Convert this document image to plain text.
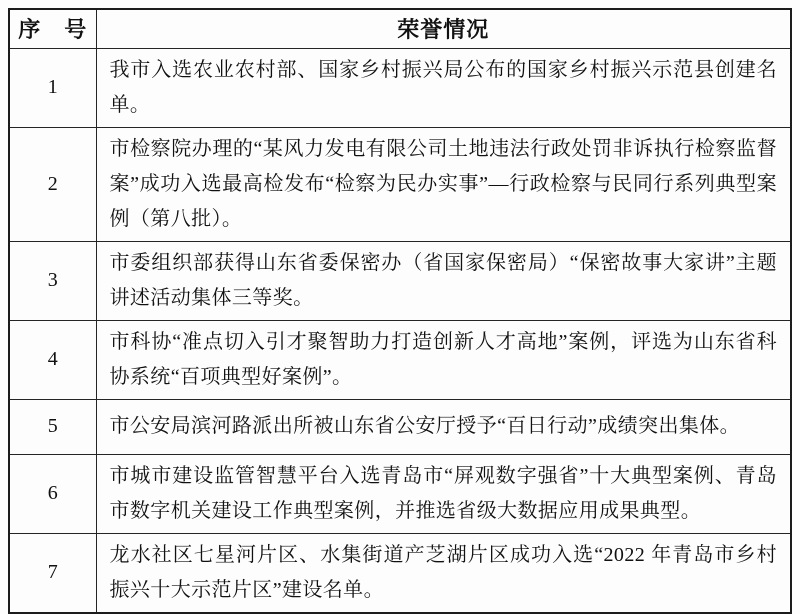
序　号	荣誉情况
1	我市入选农业农村部、国家乡村振兴局公布的国家乡村振兴示范县创建名单。
2	市检察院办理的“某风力发电有限公司土地违法行政处罚非诉执行检察监督案”成功入选最高检发布“检察为民办实事”—行政检察与民同行系列典型案例（第八批）。
3	市委组织部获得山东省委保密办（省国家保密局）“保密故事大家讲”主题讲述活动集体三等奖。
4	市科协“准点切入引才聚智助力打造创新人才高地”案例，评选为山东省科协系统“百项典型好案例”。
5	市公安局滨河路派出所被山东省公安厅授予“百日行动”成绩突出集体。
6	市城市建设监管智慧平台入选青岛市“屏观数字强省”十大典型案例、青岛市数字机关建设工作典型案例，并推选省级大数据应用成果典型。
7	龙水社区七星河片区、水集街道产芝湖片区成功入选“2022 年青岛市乡村振兴十大示范片区”建设名单。
